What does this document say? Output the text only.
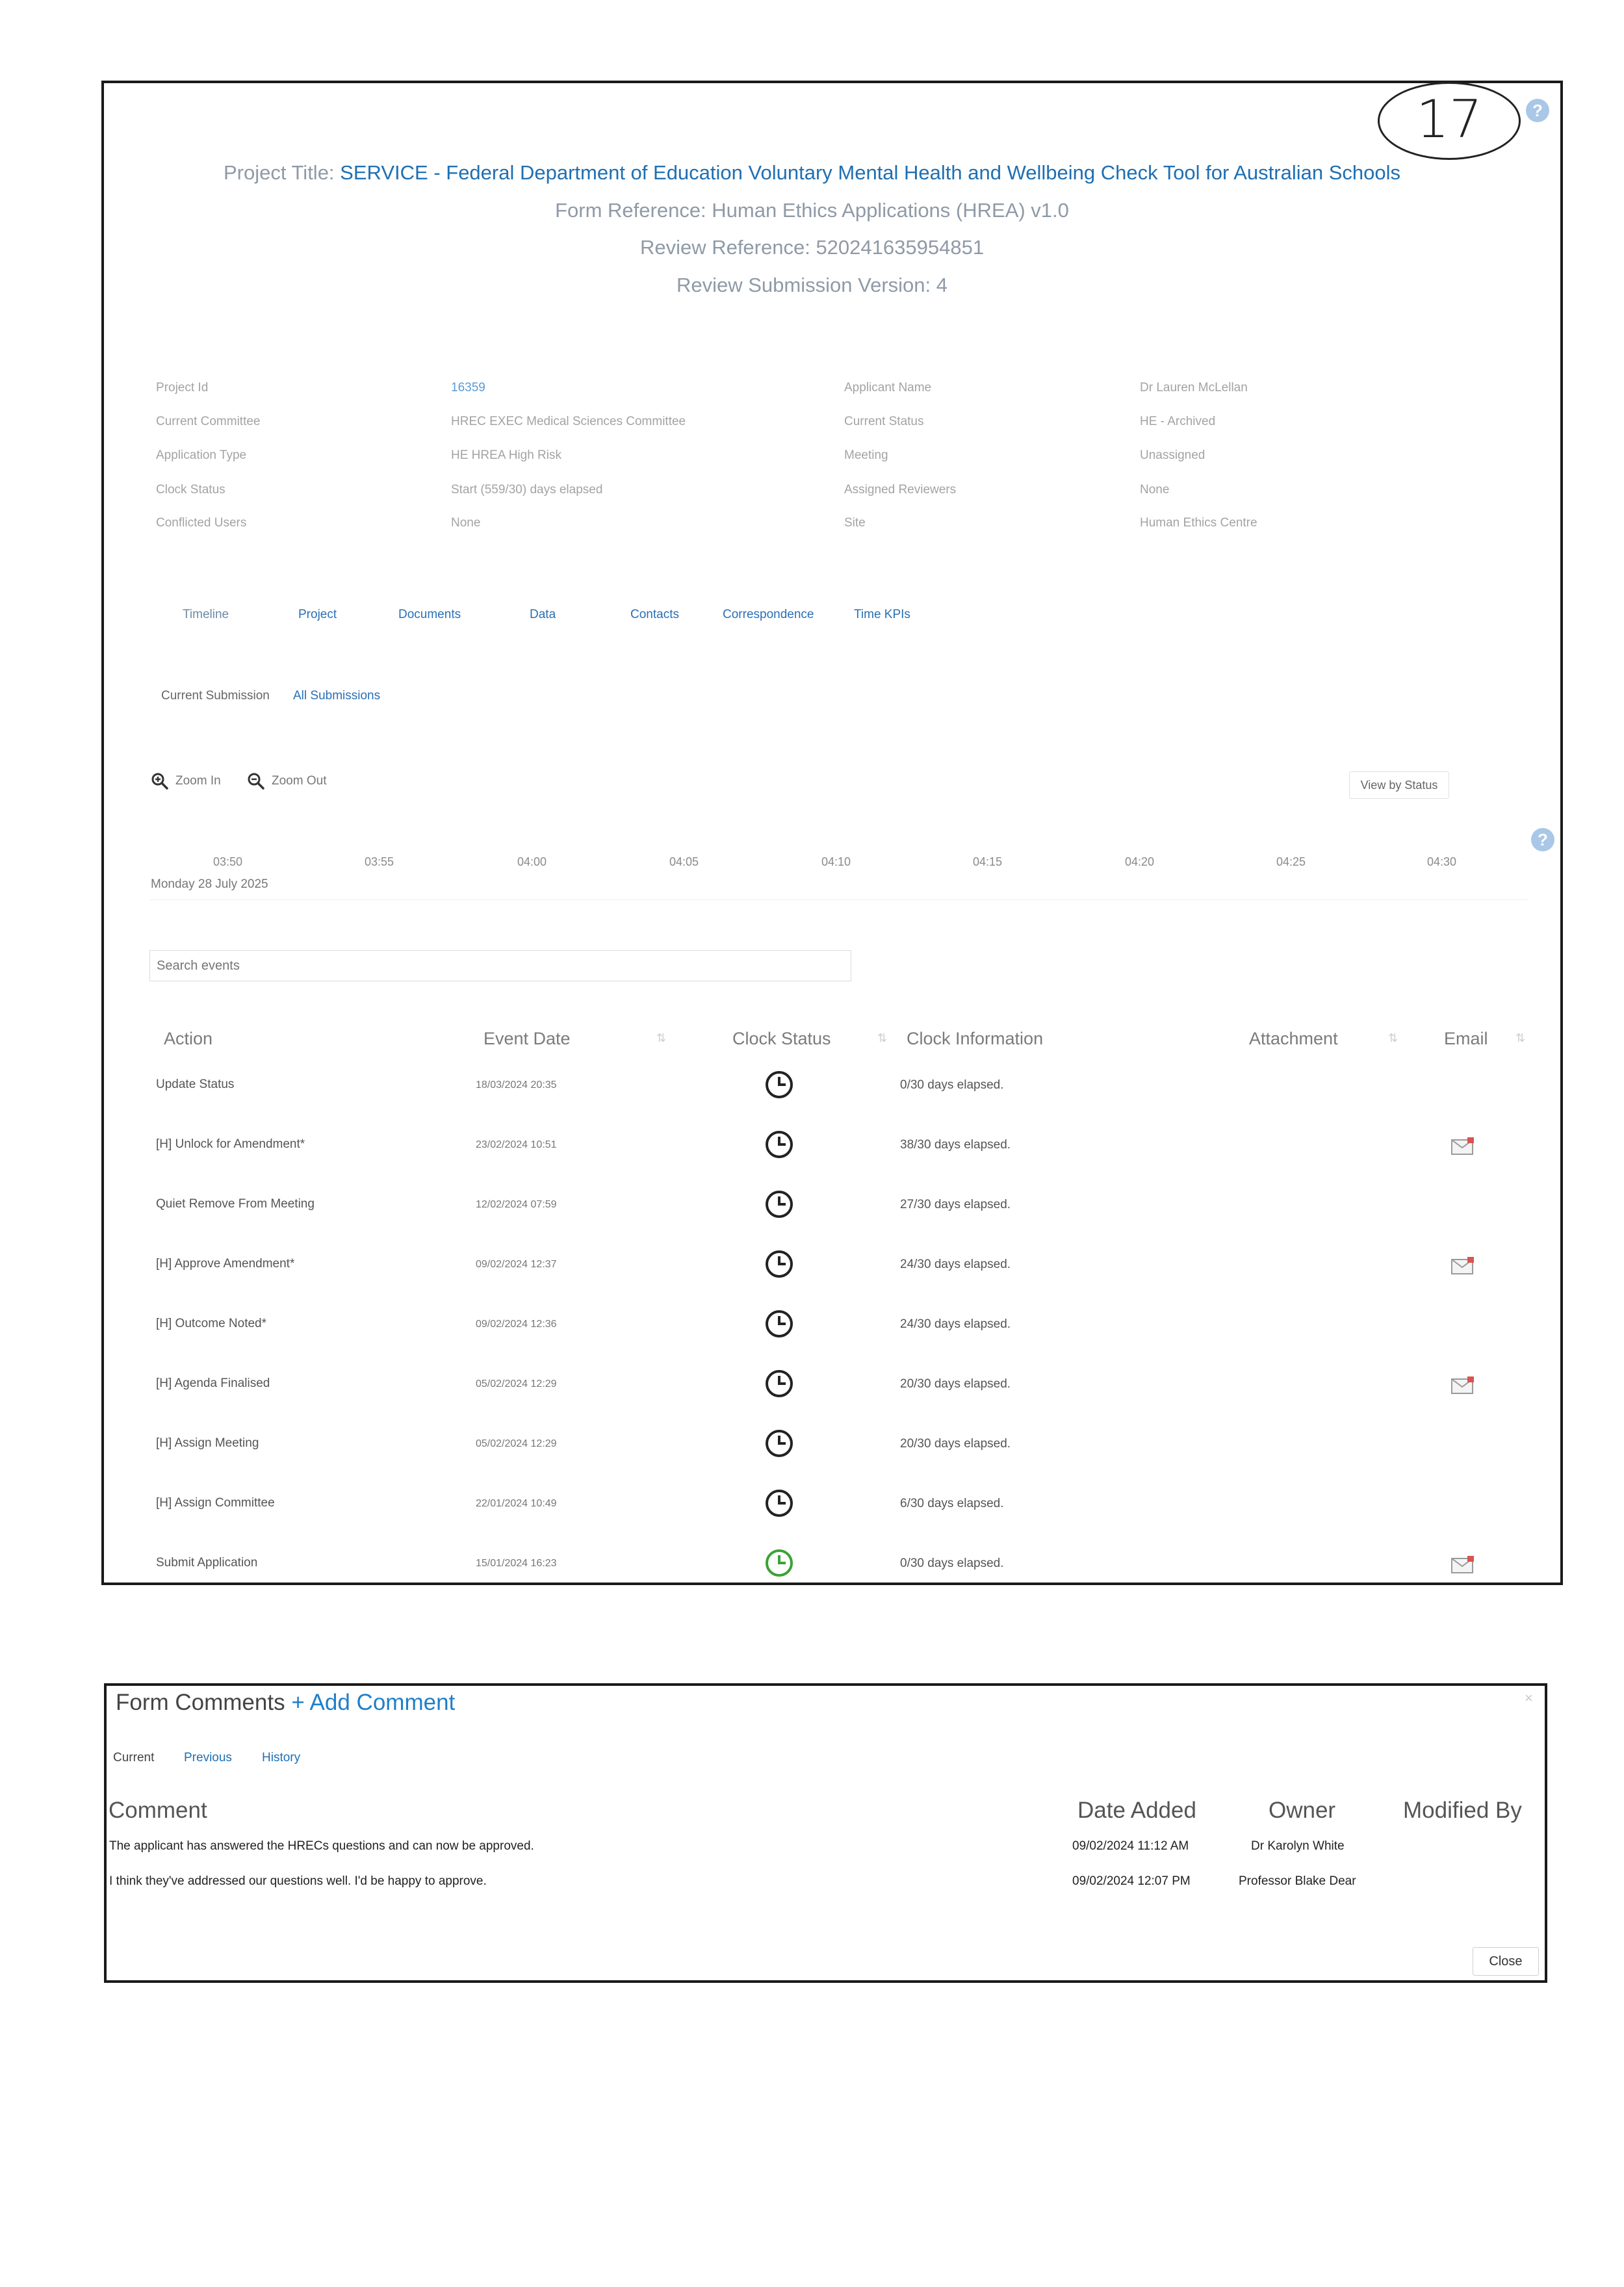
17	?
Project Title: SERVICE - Federal Department of Education Voluntary Mental Health and Wellbeing Check Tool for Australian Schools
Form Reference: Human Ethics Applications (HREA) v1.0
Review Reference: 520241635954851
Review Submission Version: 4
Project Id	16359
Current Committee	HREC EXEC Medical Sciences Committee
Application Type	HE HREA High Risk
Clock Status	Start (559/30) days elapsed
Conflicted Users	None
Applicant Name	Dr Lauren McLellan
Current Status	HE - Archived
Meeting	Unassigned
Assigned Reviewers	None
Site	Human Ethics Centre
Timeline	Project	Documents	Data	Contacts	Correspondence	Time KPIs
Current Submission All Submissions
Zoom In	Zoom Out	View by Status
?
03:50	03:55	04:00	04:05	04:10	04:15	04:20	04:25	04:30
Monday 28 July 2025
Search events
Action	Event Date	⇅	Clock Status	⇅ Clock Information	Attachment	⇅	Email ⇅
Update Status	18/03/2024 20:35	0/30 days elapsed.
[H] Unlock for Amendment*	23/02/2024 10:51	38/30 days elapsed.
Quiet Remove From Meeting	12/02/2024 07:59	27/30 days elapsed.
[H] Approve Amendment*	09/02/2024 12:37	24/30 days elapsed.
[H] Outcome Noted*	09/02/2024 12:36	24/30 days elapsed.
[H] Agenda Finalised	05/02/2024 12:29	20/30 days elapsed.
[H] Assign Meeting	05/02/2024 12:29	20/30 days elapsed.
[H] Assign Committee	22/01/2024 10:49	6/30 days elapsed.
Submit Application	15/01/2024 16:23	0/30 days elapsed.
Form Comments + Add Comment	×
Current Previous History
Comment	Date Added	Owner	Modified By
The applicant has answered the HRECs questions and can now be approved.	09/02/2024 11:12 AM	Dr Karolyn White
I think they've addressed our questions well. I'd be happy to approve.	09/02/2024 12:07 PM	Professor Blake Dear
Close
